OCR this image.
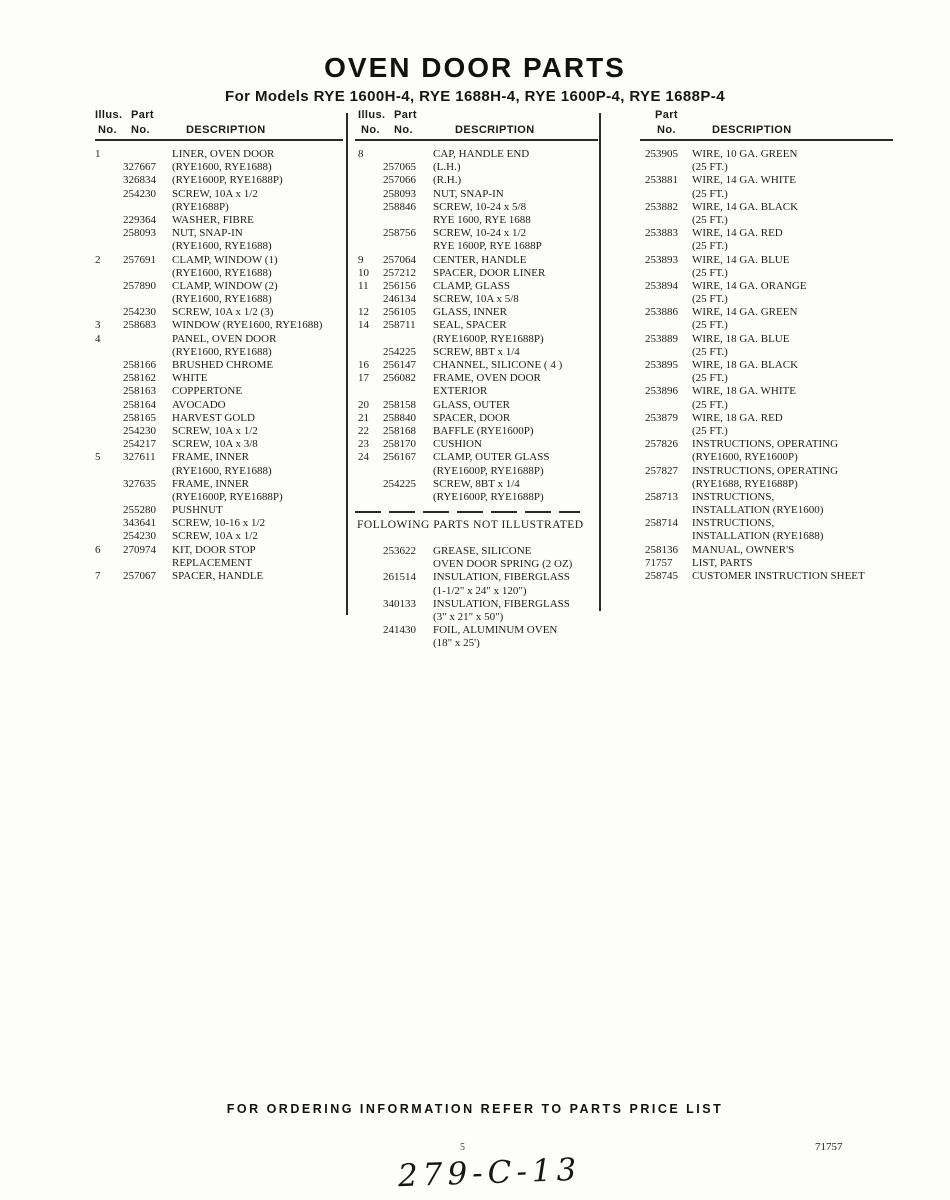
OVEN DOOR PARTS
For Models RYE 1600H-4, RYE 1688H-4, RYE 1600P-4, RYE 1688P-4
Illus. Part
No. No.	DESCRIPTION
Illus. Part
No. No.	DESCRIPTION
Part
No.	DESCRIPTION
1	LINER, OVEN DOOR
327667	(RYE1600, RYE1688)
326834	(RYE1600P, RYE1688P)
254230	SCREW, 10A x 1/2
(RYE1688P)
229364	WASHER, FIBRE
258093	NUT, SNAP-IN
(RYE1600, RYE1688)
2	257691	CLAMP, WINDOW (1)
(RYE1600, RYE1688)
257890	CLAMP, WINDOW (2)
(RYE1600, RYE1688)
254230	SCREW, 10A x 1/2 (3)
3	258683	WINDOW (RYE1600, RYE1688)
4	PANEL, OVEN DOOR
(RYE1600, RYE1688)
258166	BRUSHED CHROME
258162	WHITE
258163	COPPERTONE
258164	AVOCADO
258165	HARVEST GOLD
254230	SCREW, 10A x 1/2
254217	SCREW, 10A x 3/8
5	327611	FRAME, INNER
(RYE1600, RYE1688)
327635	FRAME, INNER
(RYE1600P, RYE1688P)
255280	PUSHNUT
343641	SCREW, 10-16 x 1/2
254230	SCREW, 10A x 1/2
6	270974	KIT, DOOR STOP
REPLACEMENT
7	257067	SPACER, HANDLE
8	CAP, HANDLE END
257065	(L.H.)
257066	(R.H.)
258093	NUT, SNAP-IN
258846	SCREW, 10-24 x 5/8
RYE 1600, RYE 1688
258756	SCREW, 10-24 x 1/2
RYE 1600P, RYE 1688P
9	257064	CENTER, HANDLE
10	257212	SPACER, DOOR LINER
11	256156	CLAMP, GLASS
246134	SCREW, 10A x 5/8
12	256105	GLASS, INNER
14	258711	SEAL, SPACER
(RYE1600P, RYE1688P)
254225	SCREW, 8BT x 1/4
16	256147	CHANNEL, SILICONE ( 4 )
17	256082	FRAME, OVEN DOOR
EXTERIOR
20	258158	GLASS, OUTER
21	258840	SPACER, DOOR
22	258168	BAFFLE (RYE1600P)
23	258170	CUSHION
24	256167	CLAMP, OUTER GLASS
(RYE1600P, RYE1688P)
254225	SCREW, 8BT x 1/4
(RYE1600P, RYE1688P)
253905	WIRE, 10 GA. GREEN
(25 FT.)
253881	WIRE, 14 GA. WHITE
(25 FT.)
253882	WIRE, 14 GA. BLACK
(25 FT.)
253883	WIRE, 14 GA. RED
(25 FT.)
253893	WIRE, 14 GA. BLUE
(25 FT.)
253894	WIRE, 14 GA. ORANGE
(25 FT.)
253886	WIRE, 14 GA. GREEN
(25 FT.)
253889	WIRE, 18 GA. BLUE
(25 FT.)
253895	WIRE, 18 GA. BLACK
(25 FT.)
253896	WIRE, 18 GA. WHITE
(25 FT.)
253879	WIRE, 18 GA. RED
(25 FT.)
257826	INSTRUCTIONS, OPERATING
(RYE1600, RYE1600P)
257827	INSTRUCTIONS, OPERATING
(RYE1688, RYE1688P)
258713	INSTRUCTIONS,
INSTALLATION (RYE1600)
258714	INSTRUCTIONS,
INSTALLATION (RYE1688)
258136	MANUAL, OWNER'S
71757	LIST, PARTS
258745	CUSTOMER INSTRUCTION SHEET
FOLLOWING PARTS NOT ILLUSTRATED
253622	GREASE, SILICONE
OVEN DOOR SPRING (2 OZ)
261514	INSULATION, FIBERGLASS
(1-1/2" x 24" x 120")
340133	INSULATION, FIBERGLASS
(3" x 21" x 50")
241430	FOIL, ALUMINUM OVEN
(18" x 25')
FOR ORDERING INFORMATION REFER TO PARTS PRICE LIST
5	71757
279-C-13
